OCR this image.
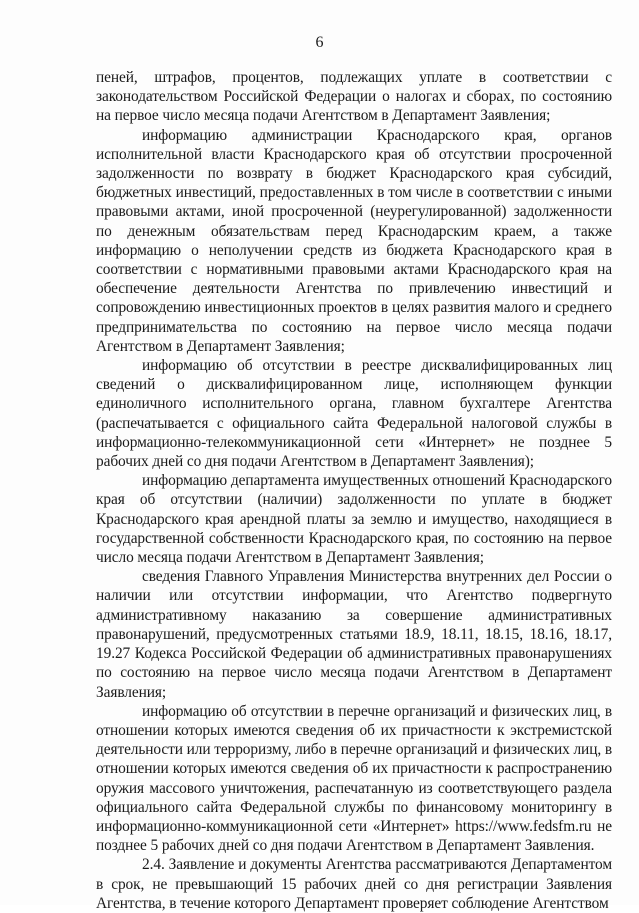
6

пеней, штрафов, процентов, подлежащих уплате в соответствии с законодательством Российской Федерации о налогах и сборах, по состоянию на первое число месяца подачи Агентством в Департамент Заявления;

информацию администрации Краснодарского края, органов исполнительной власти Краснодарского края об отсутствии просроченной задолженности по возврату в бюджет Краснодарского края субсидий, бюджетных инвестиций, предоставленных в том числе в соответствии с иными правовыми актами, иной просроченной (неурегулированной) задолженности по денежным обязательствам перед Краснодарским краем, а также информацию о неполучении средств из бюджета Краснодарского края в соответствии с нормативными правовыми актами Краснодарского края на обеспечение деятельности Агентства по привлечению инвестиций и сопровождению инвестиционных проектов в целях развития малого и среднего предпринимательства по состоянию на первое число месяца подачи Агентством в Департамент Заявления;

информацию об отсутствии в реестре дисквалифицированных лиц сведений о дисквалифицированном лице, исполняющем функции единоличного исполнительного органа, главном бухгалтере Агентства (распечатывается с официального сайта Федеральной налоговой службы в информационно-телекоммуникационной сети «Интернет» не позднее 5 рабочих дней со дня подачи Агентством в Департамент Заявления);

информацию департамента имущественных отношений Краснодарского края об отсутствии (наличии) задолженности по уплате в бюджет Краснодарского края арендной платы за землю и имущество, находящиеся в государственной собственности Краснодарского края, по состоянию на первое число месяца подачи Агентством в Департамент Заявления;

сведения Главного Управления Министерства внутренних дел России о наличии или отсутствии информации, что Агентство подвергнуто административному наказанию за совершение административных правонарушений, предусмотренных статьями 18.9, 18.11, 18.15, 18.16, 18.17, 19.27 Кодекса Российской Федерации об административных правонарушениях по состоянию на первое число месяца подачи Агентством в Департамент Заявления;

информацию об отсутствии в перечне организаций и физических лиц, в отношении которых имеются сведения об их причастности к экстремистской деятельности или терроризму, либо в перечне организаций и физических лиц, в отношении которых имеются сведения об их причастности к распространению оружия массового уничтожения, распечатанную из соответствующего раздела официального сайта Федеральной службы по финансовому мониторингу в информационно-коммуникационной сети «Интернет» https://www.fedsfm.ru не позднее 5 рабочих дней со дня подачи Агентством в Департамент Заявления.

2.4. Заявление и документы Агентства рассматриваются Департаментом в срок, не превышающий 15 рабочих дней со дня регистрации Заявления Агентства, в течение которого Департамент проверяет соблюдение Агентством
